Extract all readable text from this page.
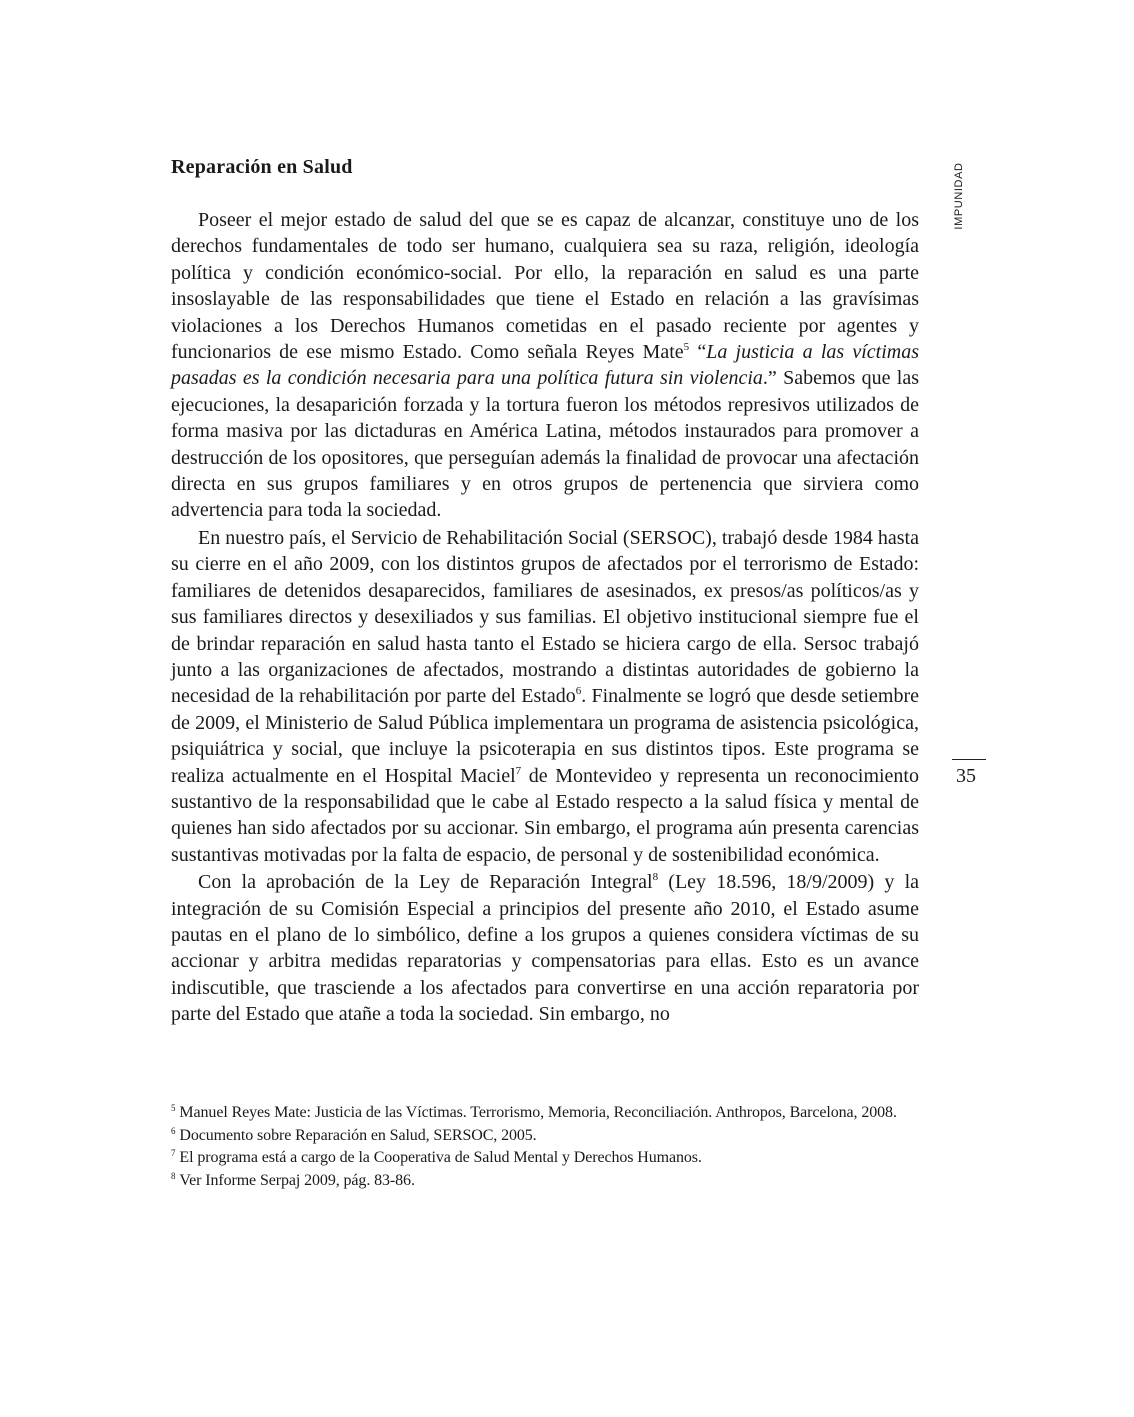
Reparación en Salud	IMPUNIDAD
35

Poseer el mejor estado de salud del que se es capaz de alcanzar, constituye uno de los derechos fundamentales de todo ser humano, cualquiera sea su raza, religión, ideología política y condición económico-social. Por ello, la reparación en salud es una parte insoslayable de las responsabilidades que tiene el Estado en relación a las gravísimas violaciones a los Derechos Humanos cometidas en el pasado reciente por agentes y funcionarios de ese mismo Estado. Como señala Reyes Mate$^5$ “La justicia a las víctimas pasadas es la condición necesaria para una política futura sin violencia.” Sabemos que las ejecuciones, la desaparición forzada y la tortura fueron los métodos represivos utilizados de forma masiva por las dictaduras en América Latina, métodos instaurados para promover a destrucción de los opositores, que perseguían además la finalidad de provocar una afectación directa en sus grupos familiares y en otros grupos de pertenencia que sirviera como advertencia para toda la sociedad.

En nuestro país, el Servicio de Rehabilitación Social (SERSOC), trabajó desde 1984 hasta su cierre en el año 2009, con los distintos grupos de afectados por el terrorismo de Estado: familiares de detenidos desaparecidos, familiares de asesinados, ex presos/as políticos/as y sus familiares directos y desexiliados y sus familias. El objetivo institucional siempre fue el de brindar reparación en salud hasta tanto el Estado se hiciera cargo de ella. Sersoc trabajó junto a las organizaciones de afectados, mostrando a distintas autoridades de gobierno la necesidad de la rehabilitación por parte del Estado$^6$. Finalmente se logró que desde setiembre de 2009, el Ministerio de Salud Pública implementara un programa de asistencia psicológica, psiquiátrica y social, que incluye la psicoterapia en sus distintos tipos. Este programa se realiza actualmente en el Hospital Maciel$^7$ de Montevideo y representa un reconocimiento sustantivo de la responsabilidad que le cabe al Estado respecto a la salud física y mental de quienes han sido afectados por su accionar. Sin embargo, el programa aún presenta carencias sustantivas motivadas por la falta de espacio, de personal y de sostenibilidad económica.

Con la aprobación de la Ley de Reparación Integral$^8$ (Ley 18.596, 18/9/2009) y la integración de su Comisión Especial a principios del presente año 2010, el Estado asume pautas en el plano de lo simbólico, define a los grupos a quienes considera víctimas de su accionar y arbitra medidas reparatorias y compensatorias para ellas. Esto es un avance indiscutible, que trasciende a los afectados para convertirse en una acción reparatoria por parte del Estado que atañe a toda la sociedad. Sin embargo, no

$^5$ Manuel Reyes Mate: Justicia de las Víctimas. Terrorismo, Memoria, Reconciliación. Anthropos, Barcelona, 2008.

$^6$ Documento sobre Reparación en Salud, SERSOC, 2005.

$^7$ El programa está a cargo de la Cooperativa de Salud Mental y Derechos Humanos.

$^8$ Ver Informe Serpaj 2009, pág. 83-86.
